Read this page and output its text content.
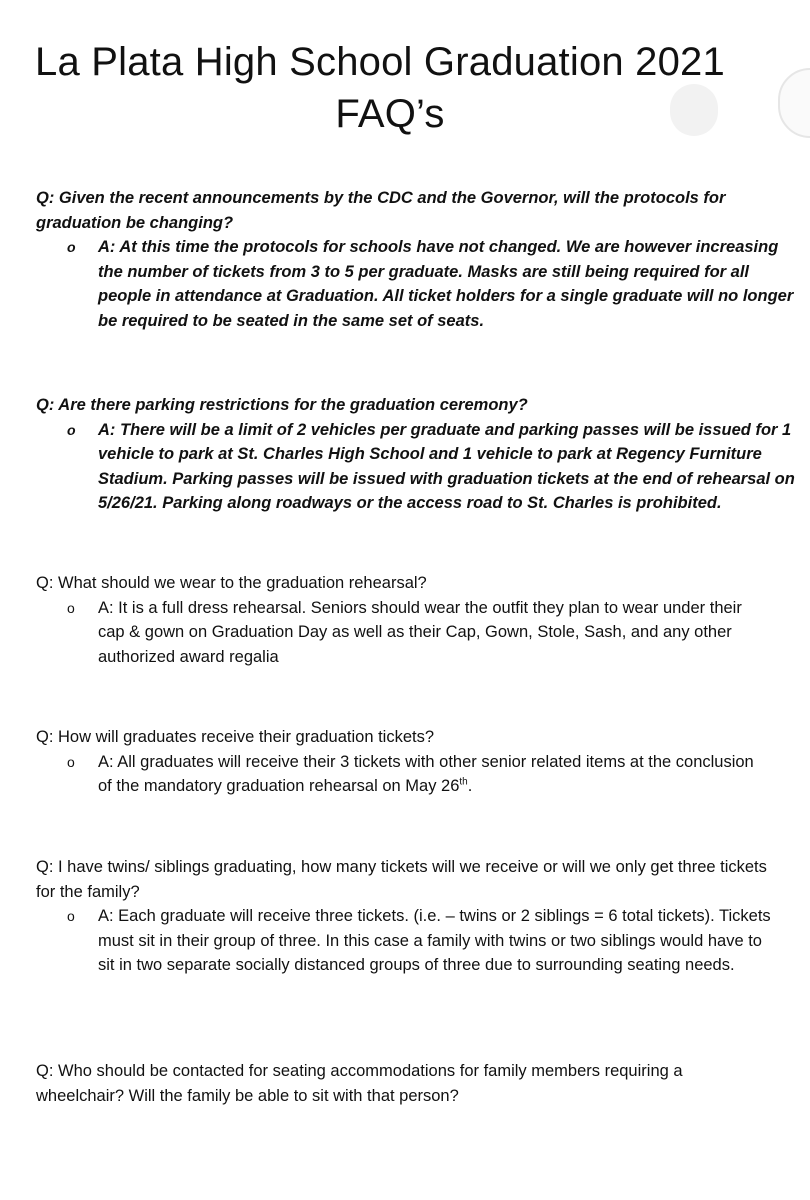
La Plata High School Graduation 2021
FAQ’s

Q: Given the recent announcements by the CDC and the Governor, will the protocols for graduation be changing?

o A: At this time the protocols for schools have not changed. We are however increasing the number of tickets from 3 to 5 per graduate. Masks are still being required for all people in attendance at Graduation. All ticket holders for a single graduate will no longer be required to be seated in the same set of seats.

Q: Are there parking restrictions for the graduation ceremony?

o A: There will be a limit of 2 vehicles per graduate and parking passes will be issued for 1 vehicle to park at St. Charles High School and 1 vehicle to park at Regency Furniture Stadium. Parking passes will be issued with graduation tickets at the end of rehearsal on 5/26/21. Parking along roadways or the access road to St. Charles is prohibited.

Q: What should we wear to the graduation rehearsal?

o A: It is a full dress rehearsal. Seniors should wear the outfit they plan to wear under their cap & gown on Graduation Day as well as their Cap, Gown, Stole, Sash, and any other authorized award regalia

Q: How will graduates receive their graduation tickets?

o A: All graduates will receive their 3 tickets with other senior related items at the conclusion of the mandatory graduation rehearsal on May 26th.

Q: I have twins/ siblings graduating, how many tickets will we receive or will we only get three tickets for the family?

o A: Each graduate will receive three tickets. (i.e. – twins or 2 siblings = 6 total tickets). Tickets must sit in their group of three. In this case a family with twins or two siblings would have to sit in two separate socially distanced groups of three due to surrounding seating needs.

Q: Who should be contacted for seating accommodations for family members requiring a wheelchair? Will the family be able to sit with that person?
